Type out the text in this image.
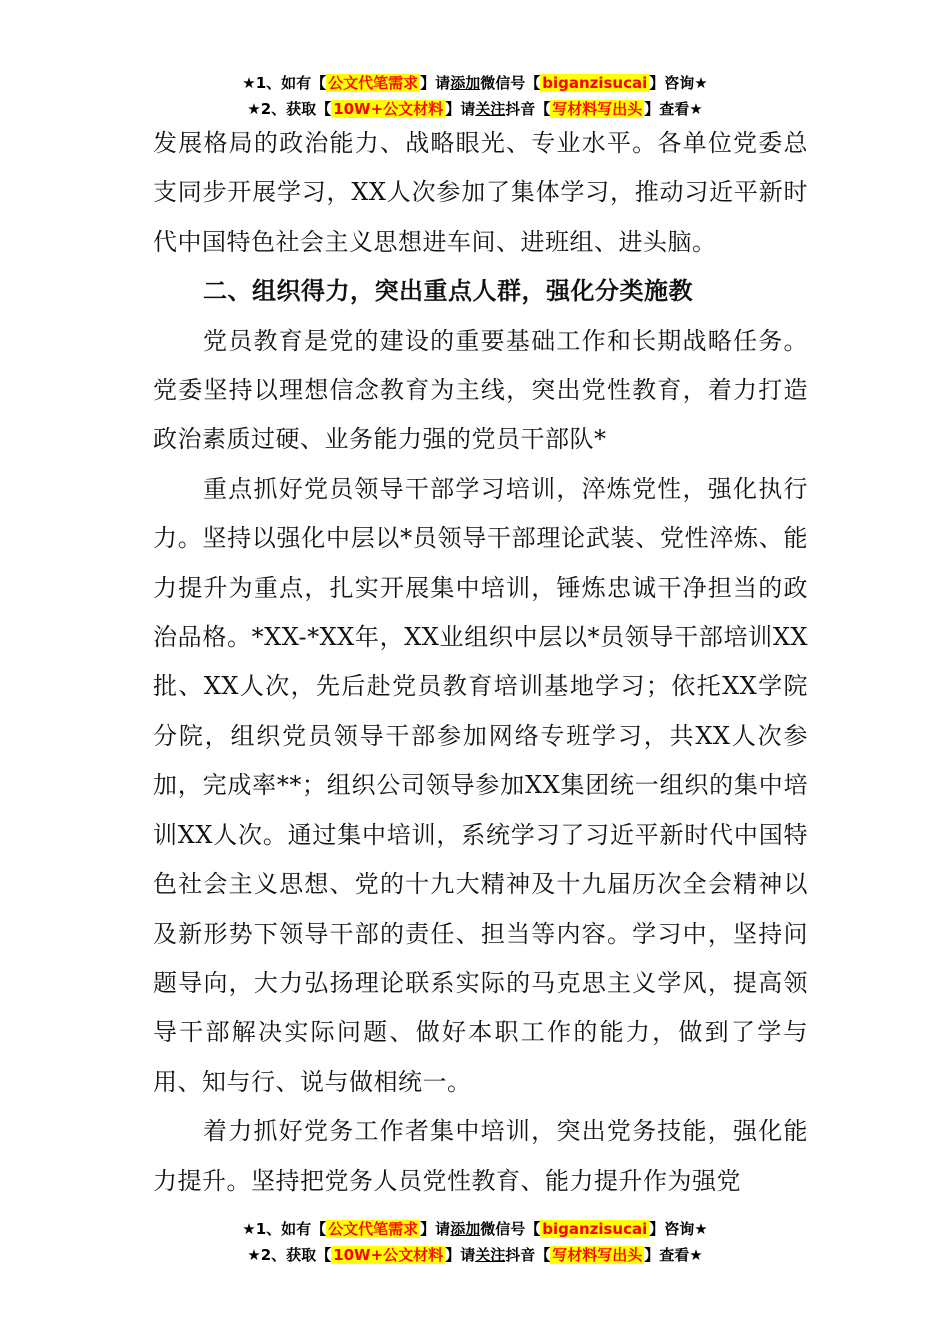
★1、如有【 公文代笔需求 】请添加微信号【 biganzisucai 】咨询★
★2、获取【 10W+公文材料 】请关注抖音【 写材料写出头 】查看★

发展格局的政治能力、战略眼光、专业水平。各单位党委总支同步开展学习，XX人次参加了集体学习，推动习近平新时代中国特色社会主义思想进车间、进班组、进头脑。

二、组织得力，突出重点人群，强化分类施教

党员教育是党的建设的重要基础工作和长期战略任务。党委坚持以理想信念教育为主线，突出党性教育，着力打造政治素质过硬、业务能力强的党员干部队*

重点抓好党员领导干部学习培训，淬炼党性，强化执行力。坚持以强化中层以*员领导干部理论武装、党性淬炼、能力提升为重点，扎实开展集中培训，锤炼忠诚干净担当的政治品格。*XX-*XX年，XX业组织中层以*员领导干部培训XX批、XX人次，先后赴党员教育培训基地学习；依托XX学院分院，组织党员领导干部参加网络专班学习，共XX人次参加，完成率**；组织公司领导参加XX集团统一组织的集中培训XX人次。通过集中培训，系统学习了习近平新时代中国特色社会主义思想、党的十九大精神及十九届历次全会精神以及新形势下领导干部的责任、担当等内容。学习中，坚持问题导向，大力弘扬理论联系实际的马克思主义学风，提高领导干部解决实际问题、做好本职工作的能力，做到了学与用、知与行、说与做相统一。

着力抓好党务工作者集中培训，突出党务技能，强化能力提升。坚持把党务人员党性教育、能力提升作为强党

★1、如有【 公文代笔需求 】请添加微信号【 biganzisucai 】咨询★
★2、获取【 10W+公文材料 】请关注抖音【 写材料写出头 】查看★
